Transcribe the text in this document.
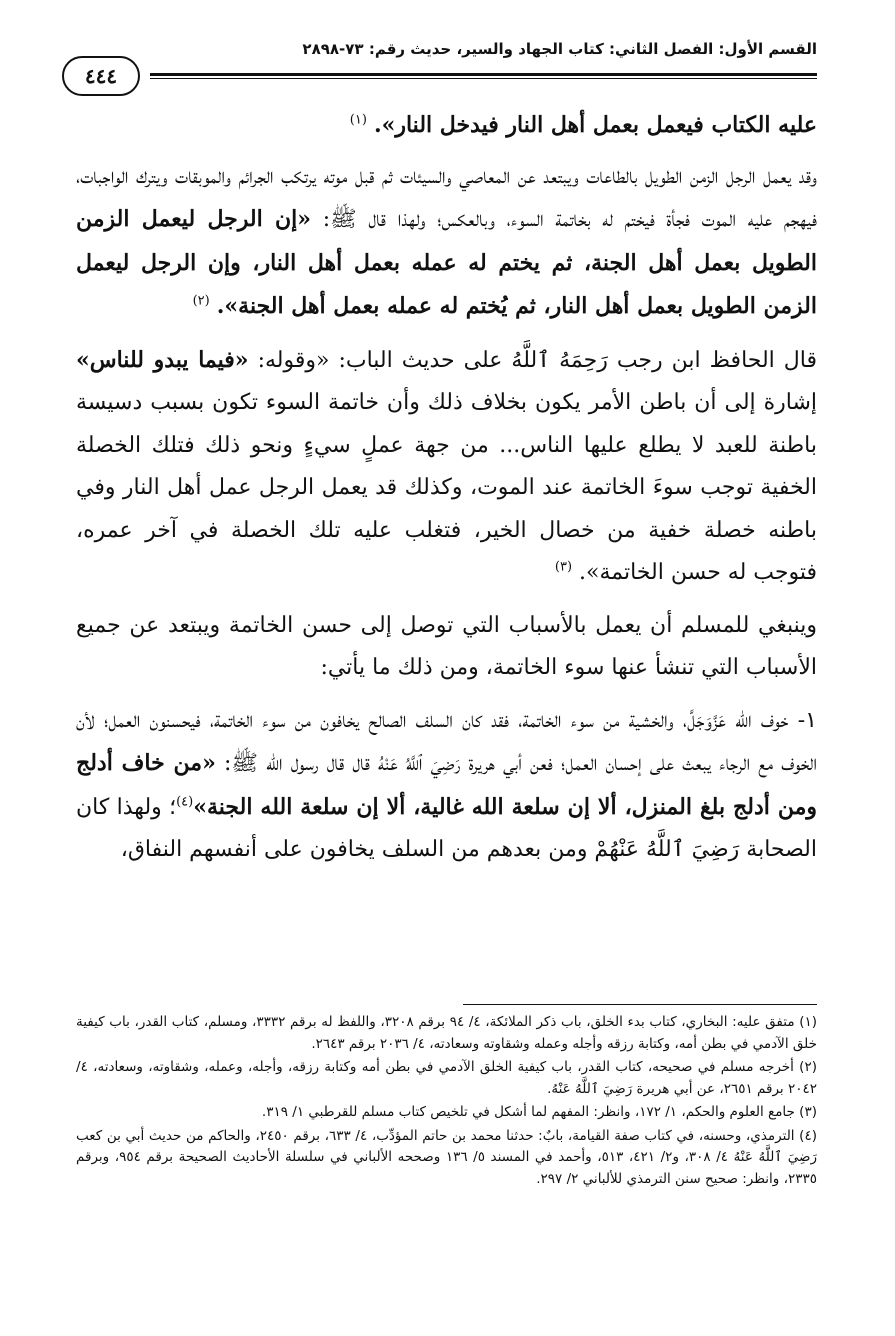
القسم الأول: الفصل الثاني: كتاب الجهاد والسير، حديث رقم: ٧٣-٢٨٩٨
٤٤٤

عليه الكتاب فيعمل بعمل أهل النار فيدخل النار». $^{(١)}$

وقد يعمل الرجل الزمن الطويل بالطاعات ويبتعد عن المعاصي والسيئات ثم قبل موته يرتكب الجرائم والموبقات ويترك الواجبات، فيهجم عليه الموت فجأة فيختم له بخاتمة السوء، وبالعكس؛ ولهذا قال ﷺ: «إن الرجل ليعمل الزمن الطويل بعمل أهل الجنة، ثم يختم له عمله بعمل أهل النار، وإن الرجل ليعمل الزمن الطويل بعمل أهل النار، ثم يُختم له عمله بعمل أهل الجنة». $^{(٢)}$

قال الحافظ ابن رجب رَحِمَهُ ٱللَّهُ على حديث الباب: «وقوله: «فيما يبدو للناس» إشارة إلى أن باطن الأمر يكون بخلاف ذلك وأن خاتمة السوء تكون بسبب دسيسة باطنة للعبد لا يطلع عليها الناس... من جهة عملٍ سيءٍ ونحو ذلك فتلك الخصلة الخفية توجب سوءَ الخاتمة عند الموت، وكذلك قد يعمل الرجل عمل أهل النار وفي باطنه خصلة خفية من خصال الخير، فتغلب عليه تلك الخصلة في آخر عمره، فتوجب له حسن الخاتمة». $^{(٣)}$

وينبغي للمسلم أن يعمل بالأسباب التي توصل إلى حسن الخاتمة ويبتعد عن جميع الأسباب التي تنشأ عنها سوء الخاتمة، ومن ذلك ما يأتي:

١- خوف الله عَزَّوَجَلَّ، والخشية من سوء الخاتمة، فقد كان السلف الصالح يخافون من سوء الخاتمة، فيحسنون العمل؛ لأن الخوف مع الرجاء يبعث على إحسان العمل؛ فعن أبي هريرة رَضِيَ ٱللَّهُ عَنْهُ قال قال رسول الله ﷺ: «من خاف أدلج ومن أدلج بلغ المنزل، ألا إن سلعة الله غالية، ألا إن سلعة الله الجنة»$^{(٤)}$؛ ولهذا كان الصحابة رَضِيَ ٱللَّهُ عَنْهُمْ ومن بعدهم من السلف يخافون على أنفسهم النفاق،

(١) متفق عليه: البخاري، كتاب بدء الخلق، باب ذكر الملائكة، ٤/ ٩٤ برقم ٣٢٠٨، واللفظ له برقم ٣٣٣٢، ومسلم، كتاب القدر، باب كيفية خلق الآدمي في بطن أمه، وكتابة رزقه وأجله وعمله وشقاوته وسعادته، ٤/ ٢٠٣٦ برقم ٢٦٤٣.

(٢) أخرجه مسلم في صحيحه، كتاب القدر، باب كيفية الخلق الآدمي في بطن أمه وكتابة رزقه، وأجله، وعمله، وشقاوته، وسعادته، ٤/ ٢٠٤٢ برقم ٢٦٥١، عن أبي هريرة رَضِيَ ٱللَّهُ عَنْهُ.

(٣) جامع العلوم والحكم، ١/ ١٧٢، وانظر: المفهم لما أشكل في تلخيص كتاب مسلم للقرطبي ١/ ٣١٩.

(٤) الترمذي، وحسنه، في كتاب صفة القيامة، بابٌ: حدثنا محمد بن حاتم المؤدِّب، ٤/ ٦٣٣، برقم ٢٤٥٠، والحاكم من حديث أبي بن كعب رَضِيَ ٱللَّهُ عَنْهُ ٤/ ٣٠٨، و٢/ ٤٢١، ٥١٣، وأحمد في المسند ٥/ ١٣٦ وصححه الألباني في سلسلة الأحاديث الصحيحة برقم ٩٥٤، وبرقم ٢٣٣٥، وانظر: صحيح سنن الترمذي للألباني ٢/ ٢٩٧.
